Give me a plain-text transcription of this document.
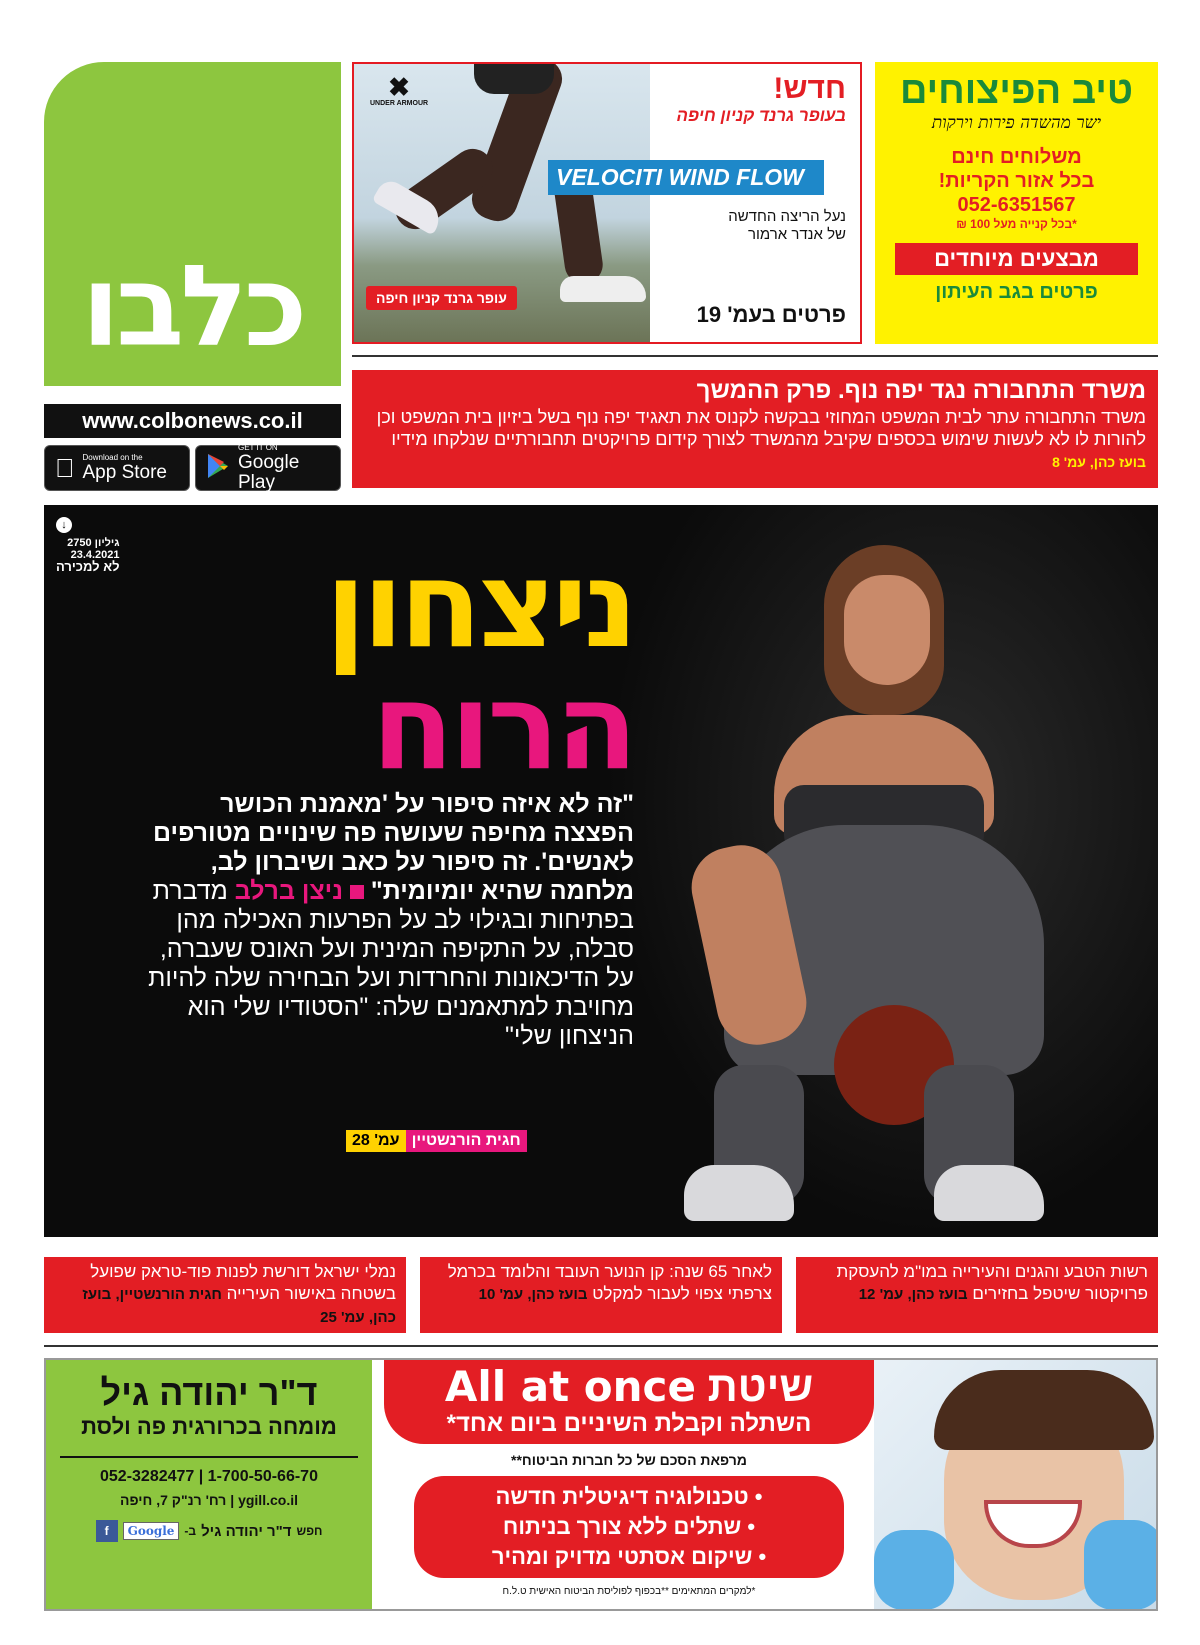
כלבו
www.colbonews.co.il
Download on the
App Store
GET IT ON
Google Play
✖
UNDER ARMOUR
עופר גרנד קניון חיפה
חדש!
בעופר גרנד קניון חיפה
VELOCITI WIND FLOW
נעל הריצה החדשה
של אנדר ארמור
פרטים בעמ' 19
טיב הפיצוחים
ישר מהשדה פירות וירקות
משלוחים חינם
בכל אזור הקריות!
052-6351567
*בכל קנייה מעל 100 ₪
מבצעים מיוחדים
פרטים בגב העיתון
משרד התחבורה נגד יפה נוף. פרק ההמשך
משרד התחבורה עתר לבית המשפט המחוזי בבקשה לקנוס את תאגיד יפה נוף בשל ביזיון בית המשפט וכן להורות לו לא לעשות שימוש בכספים שקיבל מהמשרד לצורך קידום פרויקטים תחבורתיים שנלקחו מידיו בועז כהן, עמ' 8
↓
גיליון 2750
23.4.2021
לא למכירה	ניצחון
הרוח
"זה לא איזה סיפור על 'מאמנת הכושר הפצצה מחיפה שעושה פה שינויים מטורפים לאנשים'. זה סיפור על כאב ושיברון לב, מלחמה שהיא יומיומית"  ניצן ברלב מדברת בפתיחות ובגילוי לב על הפרעות האכילה מהן סבלה, על התקיפה המינית ועל האונס שעברה, על הדיכאונות והחרדות ועל הבחירה שלה להיות מחויבת למתאמנים שלה: "הסטודיו שלי הוא הניצחון שלי"
חגית הורנשטיין
עמ' 28
רשות הטבע והגנים והעירייה במו"מ להעסקת פרויקטור שיטפל בחזירים בועז כהן, עמ' 12
לאחר 65 שנה: קן הנוער העובד והלומד בכרמל צרפתי צפוי לעבור למקלט בועז כהן, עמ' 10
נמלי ישראל דורשת לפנות פוד-טראק שפועל בשטחה באישור העירייה חגית הורנשטיין, בועז כהן, עמ' 25
שיטת All at once
השתלה וקבלת השיניים ביום אחד*
מרפאת הסכם של כל חברות הביטוח**
• טכנולוגיה דיגיטלית חדשה
• שתלים ללא צורך בניתוח
• שיקום אסתטי מדויק ומהיר
*למקרים המתאימים **בכפוף לפוליסת הביטוח האישית ט.ל.ח
ד"ר יהודה גיל
מומחה בכרורגית פה ולסת
052-3282477 | 1-700-50-66-70
ygill.co.il | רח' רנ"ק 7, חיפה
חפש
ד"ר יהודה גיל
ב-
Google
f
